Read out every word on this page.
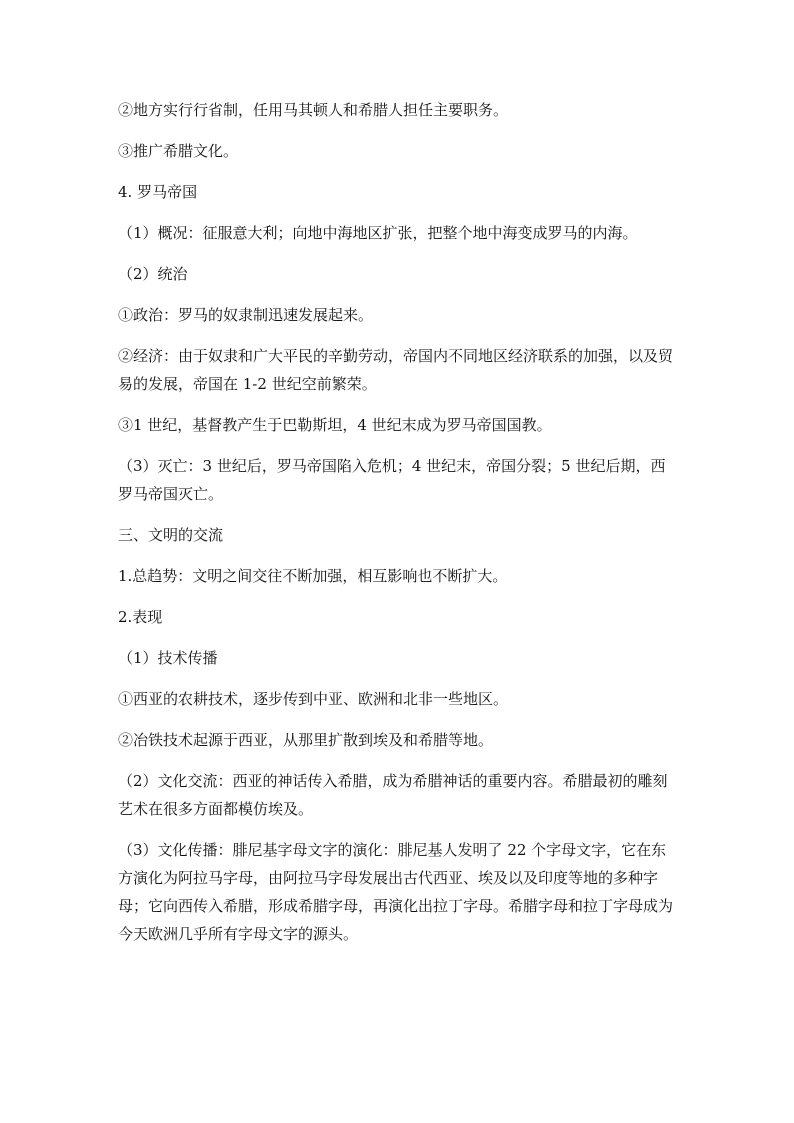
②地方实行行省制，任用马其顿人和希腊人担任主要职务。

③推广希腊文化。

4. 罗马帝国

（1）概况：征服意大利；向地中海地区扩张，把整个地中海变成罗马的内海。

（2）统治

①政治：罗马的奴隶制迅速发展起来。

②经济：由于奴隶和广大平民的辛勤劳动，帝国内不同地区经济联系的加强，以及贸易的发展，帝国在 1-2 世纪空前繁荣。

③1 世纪，基督教产生于巴勒斯坦，4 世纪末成为罗马帝国国教。

（3）灭亡：3 世纪后，罗马帝国陷入危机；4 世纪末，帝国分裂；5 世纪后期，西罗马帝国灭亡。

三、文明的交流

1.总趋势：文明之间交往不断加强，相互影响也不断扩大。

2.表现

（1）技术传播

①西亚的农耕技术，逐步传到中亚、欧洲和北非一些地区。

②冶铁技术起源于西亚，从那里扩散到埃及和希腊等地。

（2）文化交流：西亚的神话传入希腊，成为希腊神话的重要内容。希腊最初的雕刻艺术在很多方面都模仿埃及。

（3）文化传播：腓尼基字母文字的演化：腓尼基人发明了 22 个字母文字，它在东方演化为阿拉马字母，由阿拉马字母发展出古代西亚、埃及以及印度等地的多种字母；它向西传入希腊，形成希腊字母，再演化出拉丁字母。希腊字母和拉丁字母成为今天欧洲几乎所有字母文字的源头。
